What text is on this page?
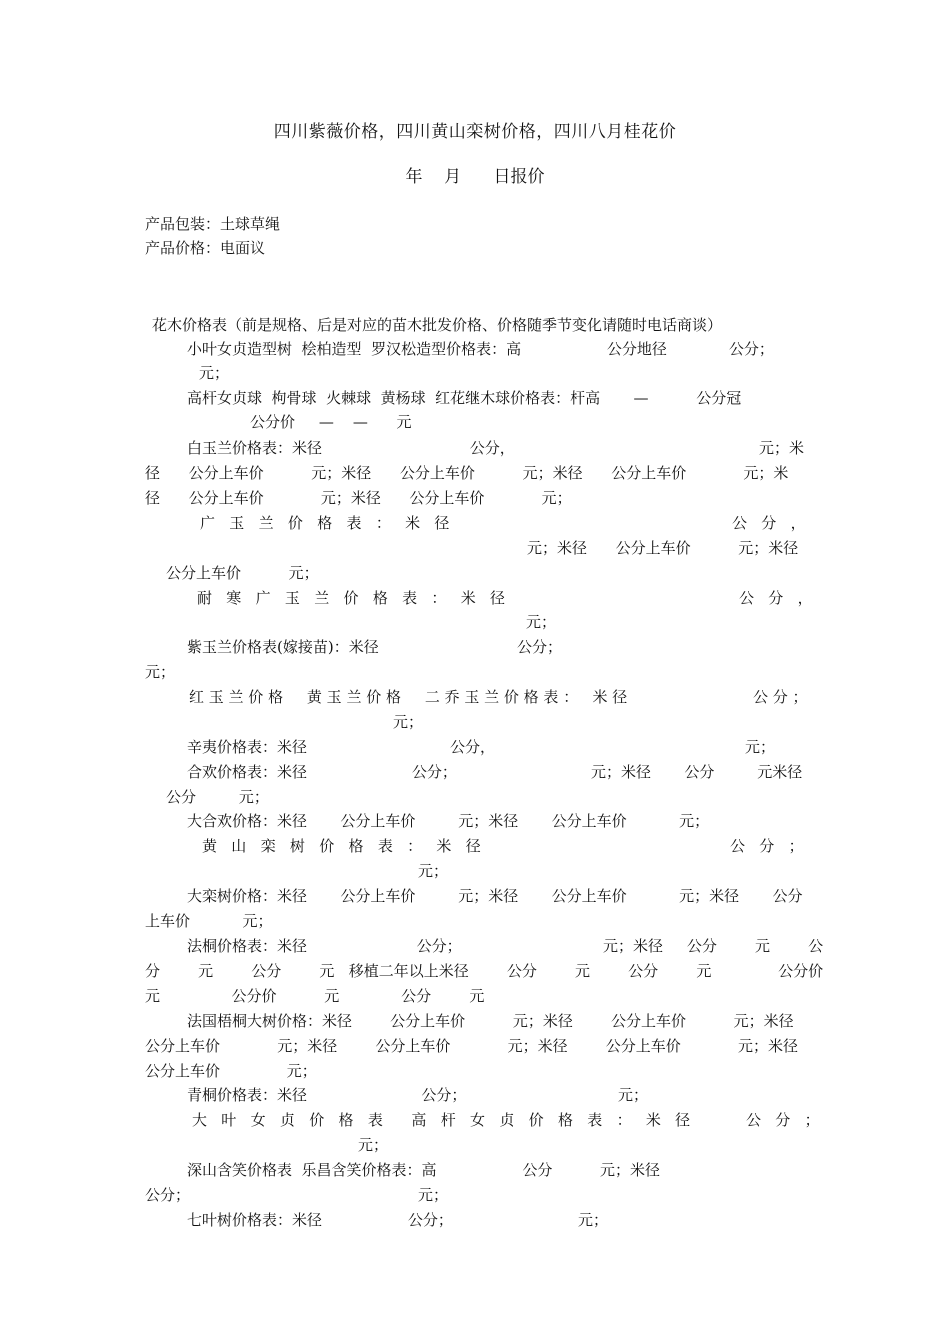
四川紫薇价格，四川黄山栾树价格，四川八月桂花价
年    月      日报价
产品包装：土球草绳
产品价格：电面议
花木价格表（前是规格、后是对应的苗木批发价格、价格随季节变化请随时电话商谈）
小叶女贞造型树  桧柏造型  罗汉松造型价格表：高                  公分地径             公分；
元；
高杆女贞球  枸骨球  火棘球  黄杨球  红花继木球价格表：杆高       —          公分冠
公分价     —    —      元
白玉兰价格表：米径                               公分，	元；米
径      公分上车价          元；米径      公分上车价          元；米径      公分上车价            元；米
径      公分上车价            元；米径      公分上车价            元；
广   玉   兰   价   格   表   ：   米   径	公   分   ，
元；米径      公分上车价          元；米径
公分上车价          元；
耐   寒   广   玉   兰   价   格   表   ：   米   径	公   分   ，
元；
紫玉兰价格表(嫁接苗)：米径                             公分；
元；
红 玉 兰 价 格     黄 玉 兰 价 格     二 乔 玉 兰 价 格 表 ：   米 径	公 分 ；
元；
辛夷价格表：米径                              公分，	元；
合欢价格表：米径                      公分；	元；米径       公分         元米径
公分         元；
大合欢价格：米径       公分上车价         元；米径       公分上车价           元；
黄   山   栾   树   价   格   表   ：   米   径	公   分   ；
元；
大栾树价格：米径       公分上车价         元；米径       公分上车价           元；米径       公分
上车价           元；
法桐价格表：米径                       公分；	元；米径     公分        元        公
分        元        公分        元   移植二年以上米径        公分        元        公分        元              公分价
元               公分价          元             公分        元
法国梧桐大树价格：米径        公分上车价          元；米径        公分上车价          元；米径
公分上车价            元；米径        公分上车价            元；米径        公分上车价            元；米径
公分上车价              元；
青桐价格表：米径                        公分；	元；
大   叶   女   贞   价   格   表      高   杆   女   贞   价   格   表   ：   米   径	公   分   ；
元；
深山含笑价格表  乐昌含笑价格表：高                  公分          元；米径
公分；	元；
七叶树价格表：米径                  公分；	元；
